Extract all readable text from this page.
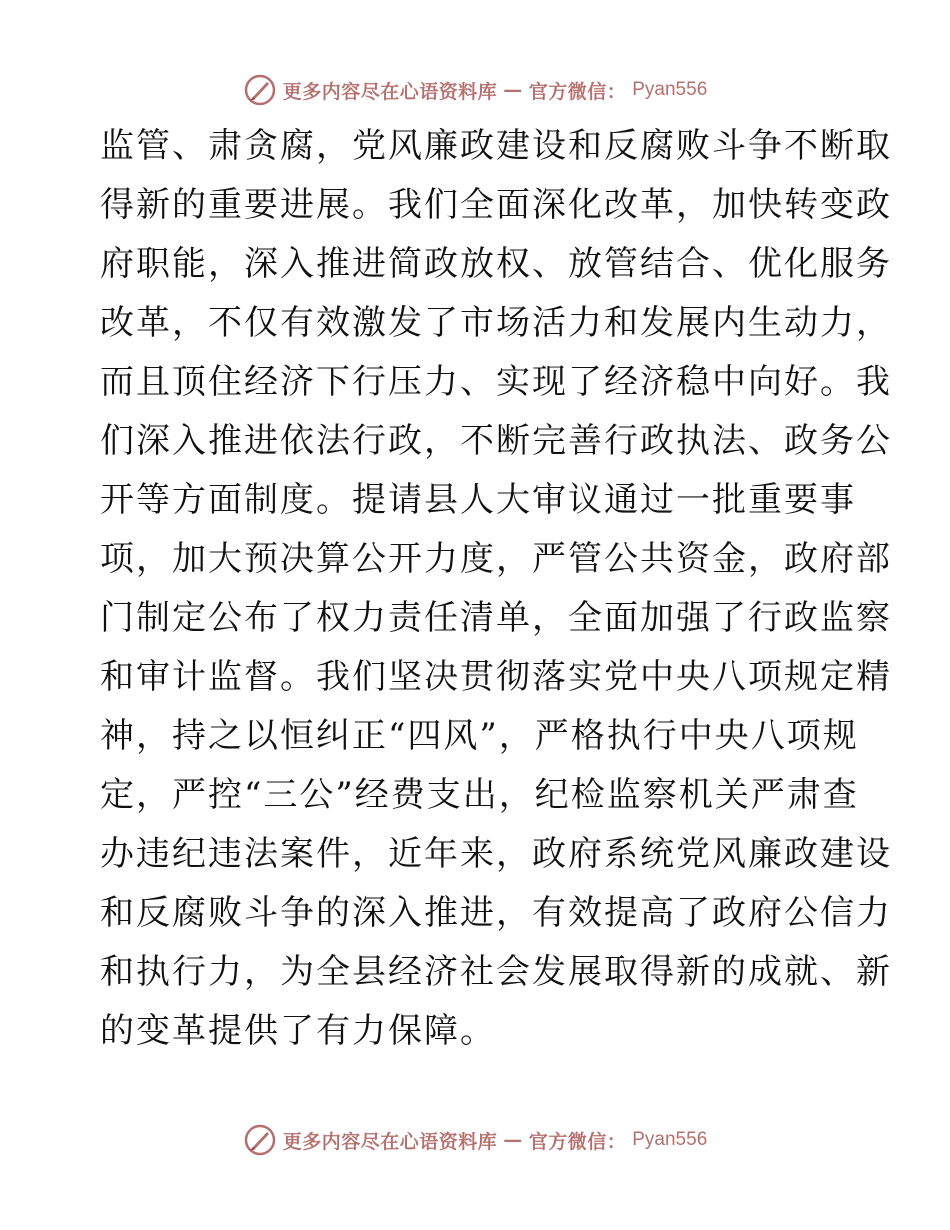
更多内容尽在心语资料库 — 官方微信： Pyan556
监管、肃贪腐，党风廉政建设和反腐败斗争不断取
得新的重要进展。我们全面深化改革，加快转变政
府职能，深入推进简政放权、放管结合、优化服务
改革，不仅有效激发了市场活力和发展内生动力，
而且顶住经济下行压力、实现了经济稳中向好。我
们深入推进依法行政，不断完善行政执法、政务公
开等方面制度。提请县人大审议通过一批重要事
项，加大预决算公开力度，严管公共资金，政府部
门制定公布了权力责任清单，全面加强了行政监察
和审计监督。我们坚决贯彻落实党中央八项规定精
神，持之以恒纠正“四风”，严格执行中央八项规
定，严控“三公”经费支出，纪检监察机关严肃查
办违纪违法案件，近年来，政府系统党风廉政建设
和反腐败斗争的深入推进，有效提高了政府公信力
和执行力，为全县经济社会发展取得新的成就、新
的变革提供了有力保障。
更多内容尽在心语资料库 — 官方微信： Pyan556
